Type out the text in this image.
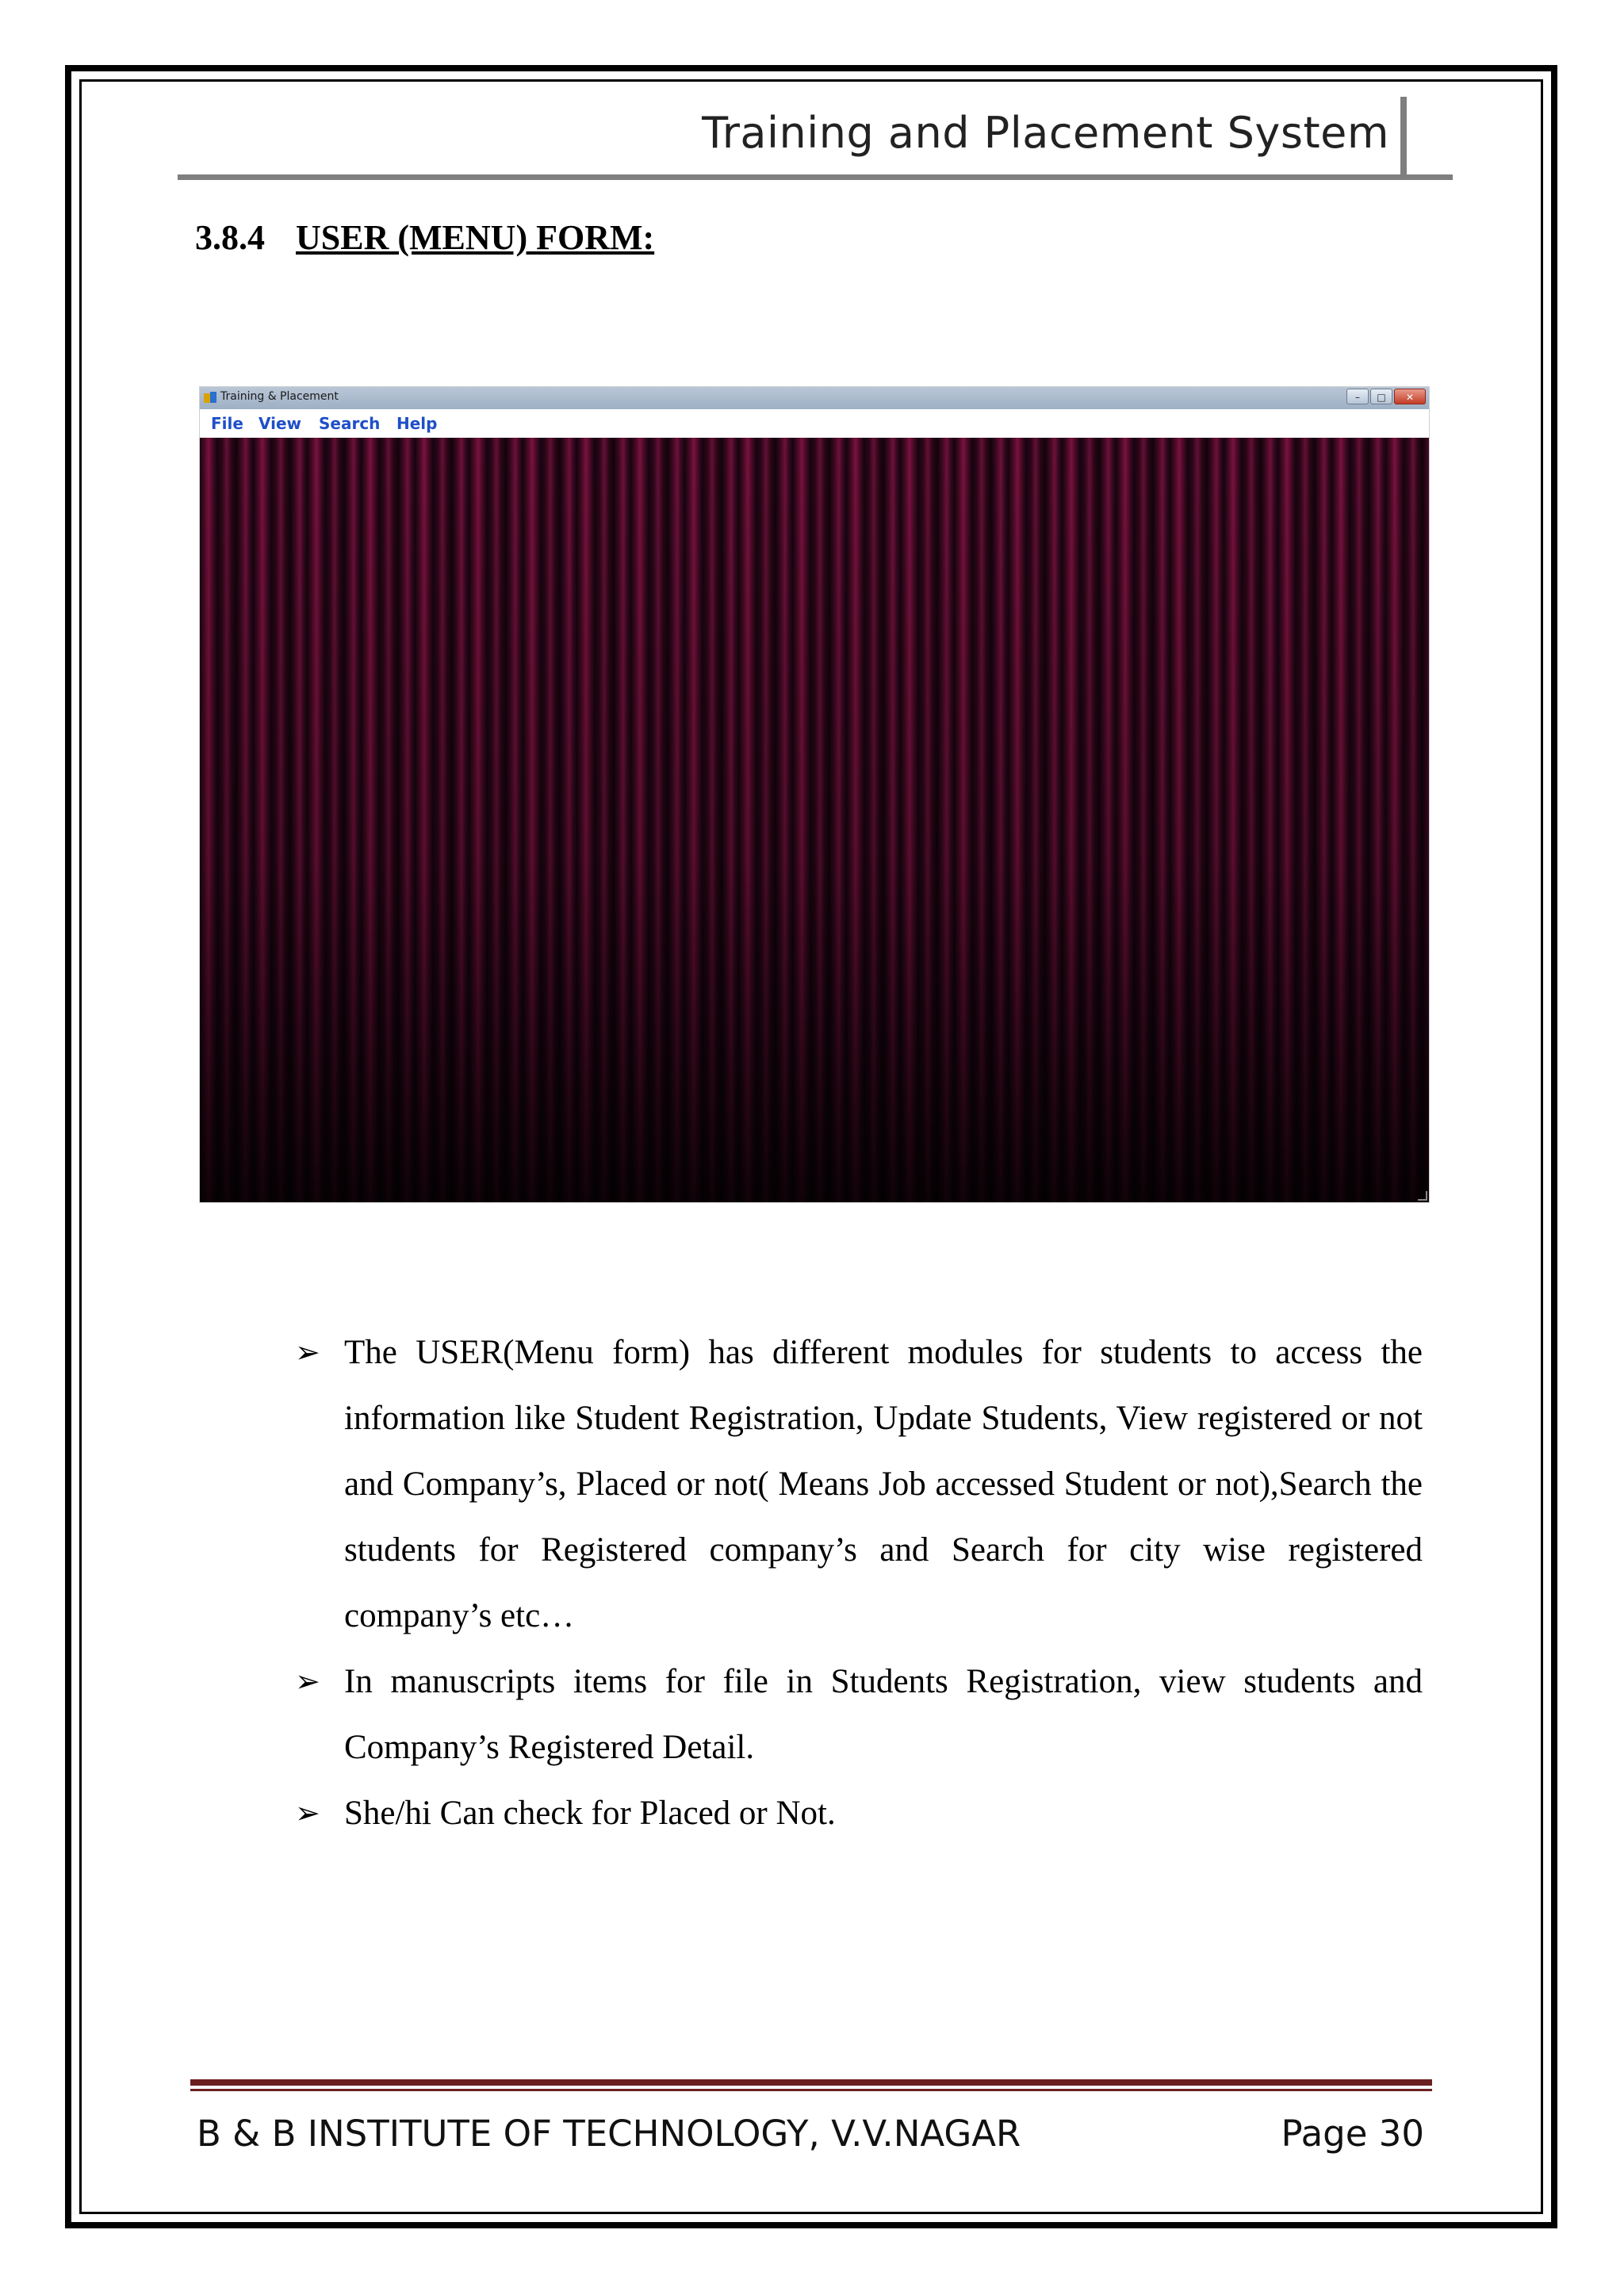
Training and Placement System
3.8.4 USER (MENU) FORM:
Training & Placement	–	□	✕
File View Search Help
➢ The USER(Menu form) has different modules for students to access the information like Student Registration, Update Students, View registered or not and Company’s, Placed or not( Means Job accessed Student or not),Search the students for Registered company’s and Search for city wise registered company’s etc…
➢ In manuscripts items for file in Students Registration, view students and Company’s Registered Detail.
➢ She/hi Can check for Placed or Not.
B & B INSTITUTE OF TECHNOLOGY, V.V.NAGAR	Page 30
